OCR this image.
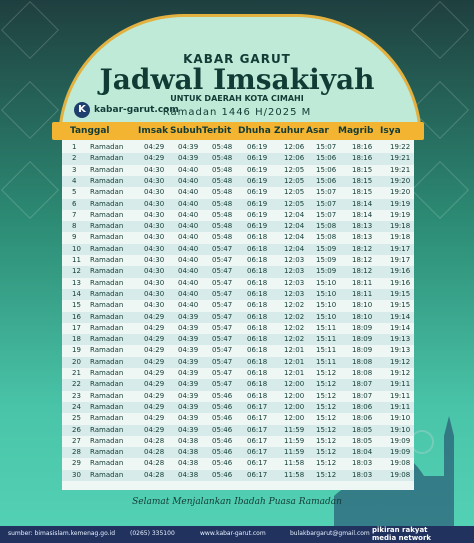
KABAR GARUT
Jadwal Imsakiyah
UNTUK DAERAH KOTA CIMAHI
Ramadan 1446 H/2025 M
K kabar-garut.com
Tanggal	Imsak Subuh Terbit Dhuha Zuhur Asar Magrib Isya
1 Ramadan	04:29 04:39 05:48 06:19 12:06 15:07 18:16	19:22
2 Ramadan	04:29 04:39 05:48 06:19 12:06 15:06 18:16	19:21
3 Ramadan	04:30 04:40 05:48 06:19 12:05 15:06 18:15	19:21
4 Ramadan	04:30 04:40 05:48 06:19 12:05 15:06 18:15	19:20
5 Ramadan	04:30 04:40 05:48 06:19 12:05 15:07 18:15	19:20
6 Ramadan	04:30 04:40 05:48 06:19 12:05 15:07 18:14	19:19
7 Ramadan	04:30 04:40 05:48 06:19 12:04 15:07 18:14	19:19
8 Ramadan	04:30 04:40 05:48 06:19 12:04 15:08 18:13	19:18
9 Ramadan	04:30 04:40 05:48 06:18 12:04 15:08 18:13	19:18
10 Ramadan	04:30 04:40 05:47 06:18 12:04 15:09 18:12	19:17
11 Ramadan	04:30 04:40 05:47 06:18 12:03 15:09 18:12	19:17
12 Ramadan	04:30 04:40 05:47 06:18 12:03 15:09 18:12	19:16
13 Ramadan	04:30 04:40 05:47 06:18 12:03 15:10 18:11	19:16
14 Ramadan	04:30 04:40 05:47 06:18 12:03 15:10 18:11	19:15
15 Ramadan	04:30 04:40 05:47 06:18 12:02 15:10 18:10	19:15
16 Ramadan	04:29 04:39 05:47 06:18 12:02 15:10 18:10	19:14
17 Ramadan	04:29 04:39 05:47 06:18 12:02 15:11 18:09	19:14
18 Ramadan	04:29 04:39 05:47 06:18 12:02 15:11 18:09	19:13
19 Ramadan	04:29 04:39 05:47 06:18 12:01 15:11 18:09	19:13
20 Ramadan	04:29 04:39 05:47 06:18 12:01 15:11 18:08	19:12
21 Ramadan	04:29 04:39 05:47 06:18 12:01 15:12 18:08	19:12
22 Ramadan	04:29 04:39 05:47 06:18 12:00 15:12 18:07	19:11
23 Ramadan	04:29 04:39 05:46 06:18 12:00 15:12 18:07	19:11
24 Ramadan	04:29 04:39 05:46 06:17 12:00 15:12 18:06	19:11
25 Ramadan	04:29 04:39 05:46 06:17 12:00 15:12 18:06	19:10
26 Ramadan	04:29 04:39 05:46 06:17 11:59 15:12 18:05	19:10
27 Ramadan	04:28 04:38 05:46 06:17 11:59 15:12 18:05	19:09
28 Ramadan	04:28 04:38 05:46 06:17 11:59 15:12 18:04	19:09
29 Ramadan	04:28 04:38 05:46 06:17 11:58 15:12 18:03	19:08
30 Ramadan	04:28 04:38 05:46 06:17 11:58 15:12 18:03	19:08
Selamat Menjalankan Ibadah Puasa Ramadan
sumber: bimasislam.kemenag.go.id (0265) 335100	www.kabar-garut.com	bulakbargarut@gmail.com pikiran rakyat
media network
